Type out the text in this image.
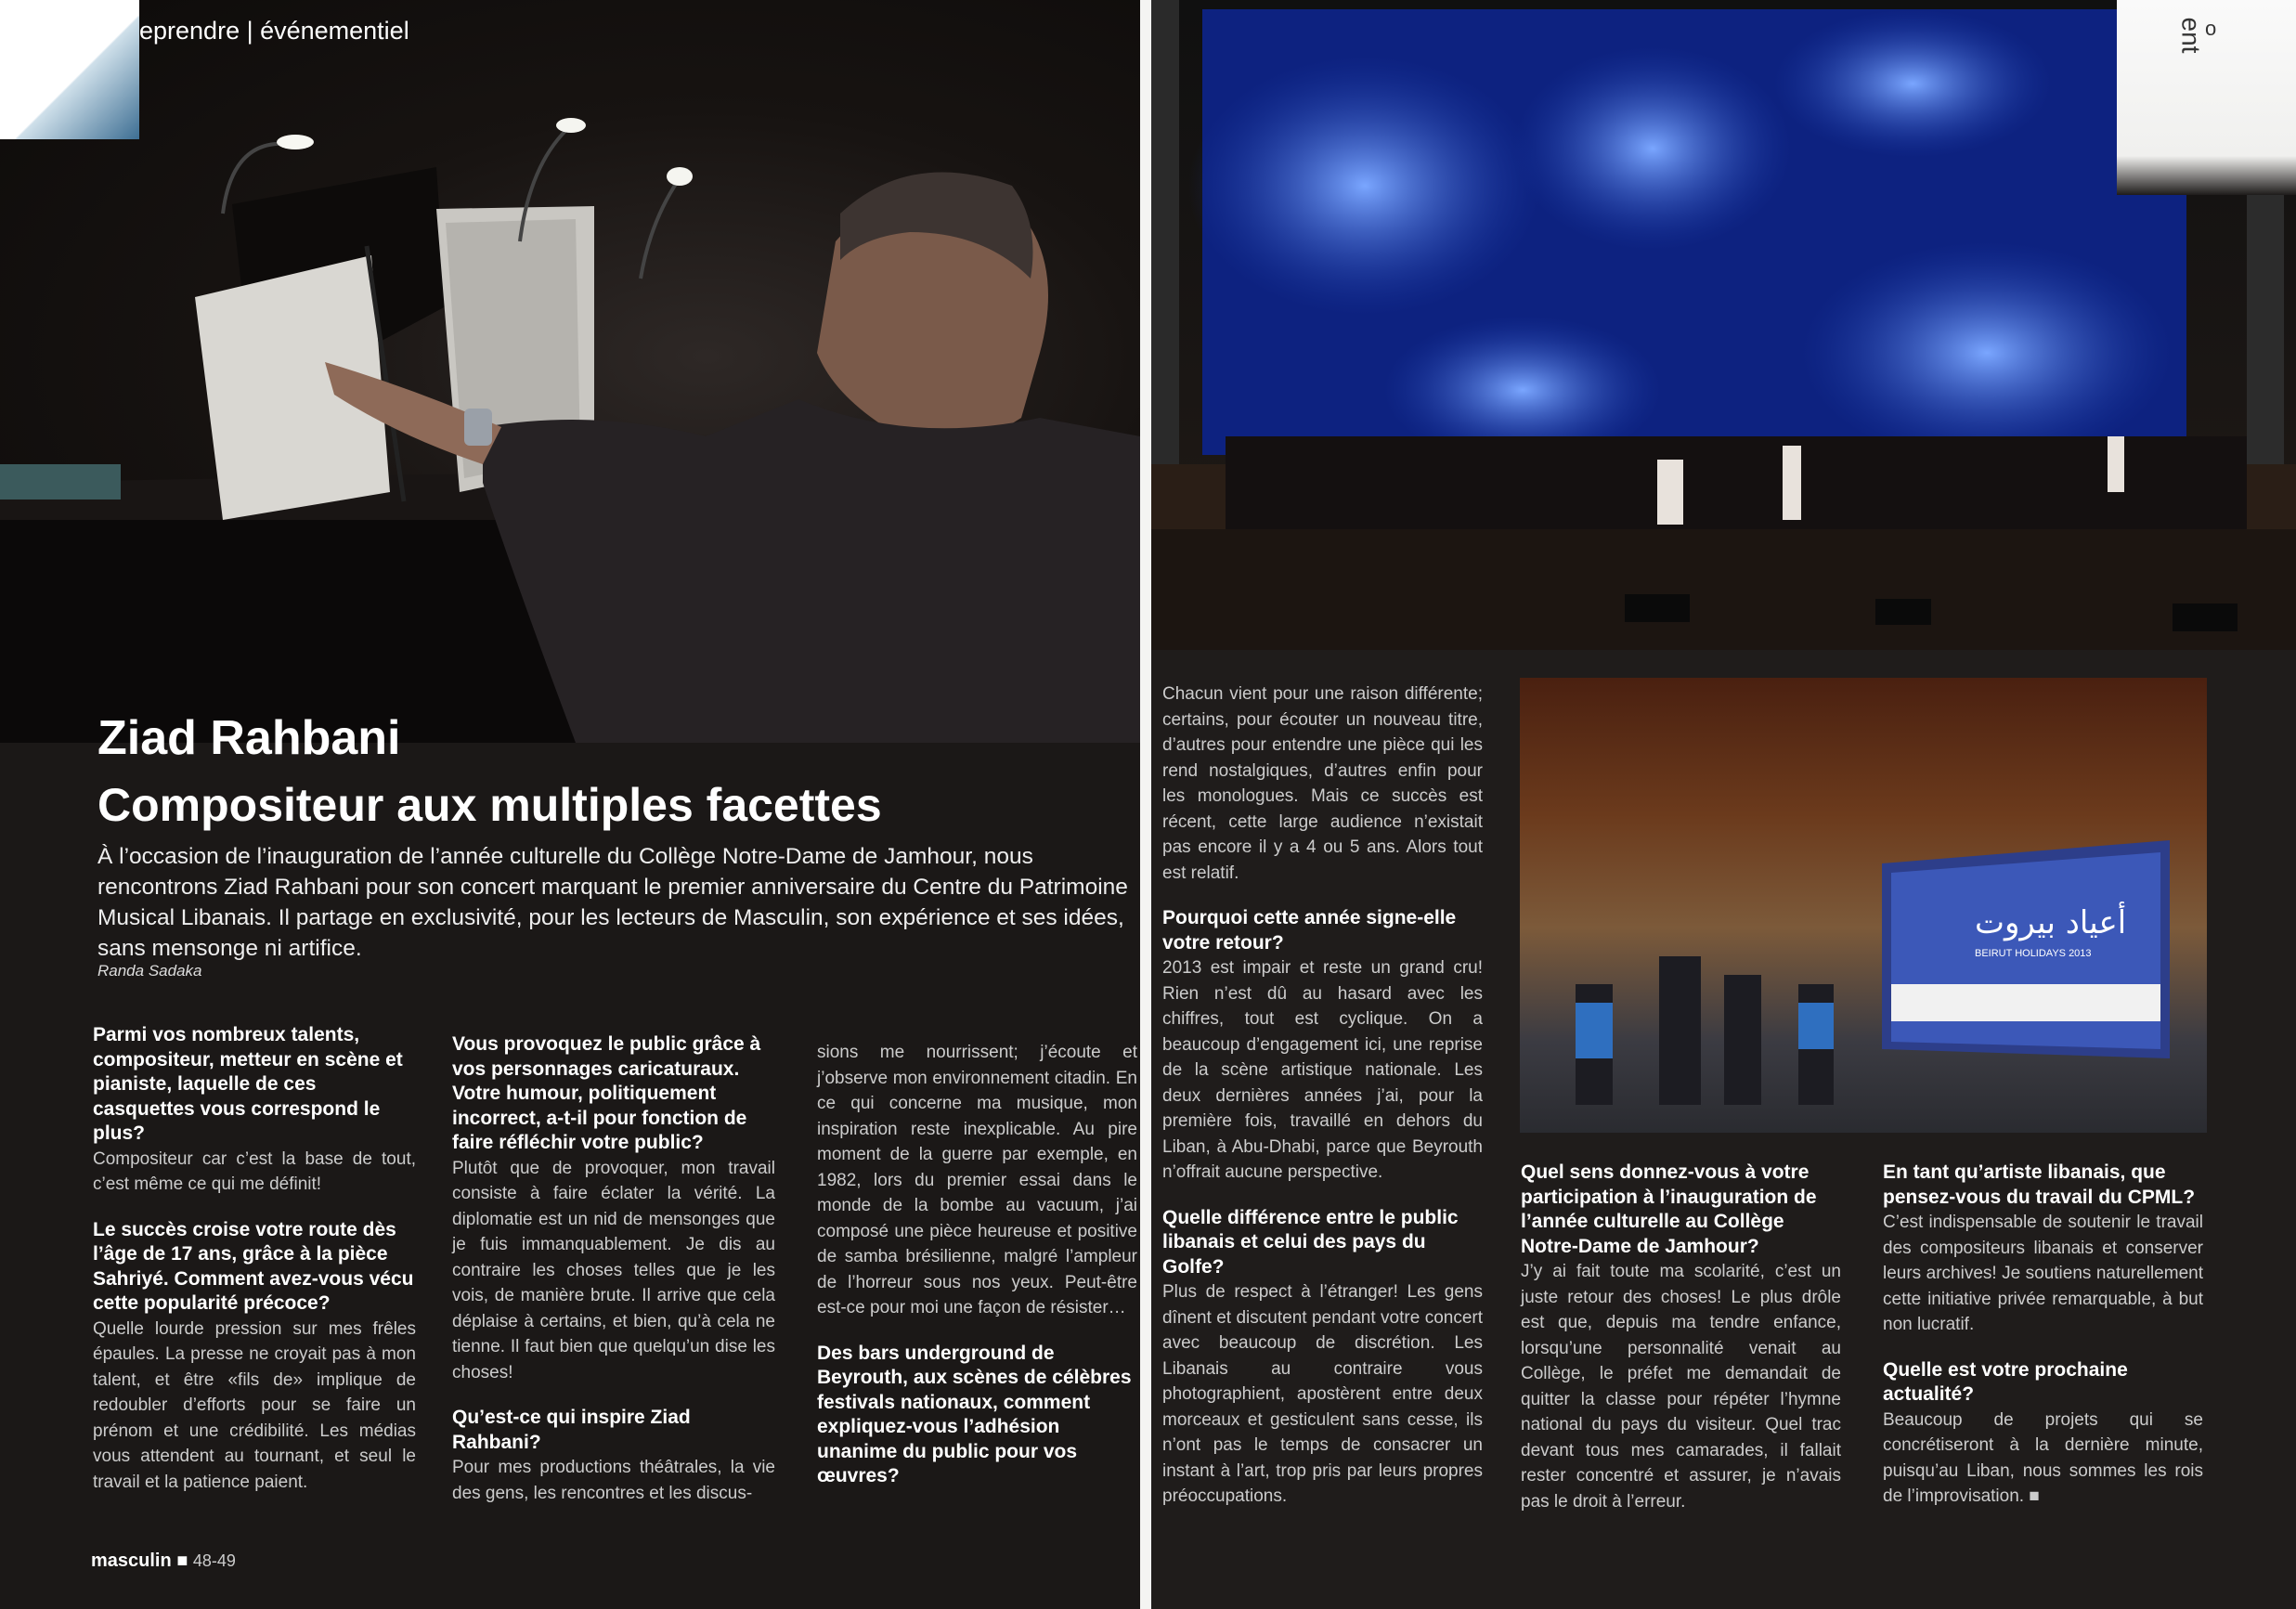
eprendre | événementiel
Ziad Rahbani
Compositeur aux multiples facettes
À l’occasion de l’inauguration de l’année culturelle du Collège Notre-Dame de Jamhour, nous rencontrons Ziad Rahbani pour son concert marquant le premier anniversaire du Centre du Patrimoine Musical Libanais. Il partage en exclusivité, pour les lecteurs de Masculin, son expérience et ses idées, sans mensonge ni artifice.
Randa Sadaka

Parmi vos nombreux talents, compositeur, metteur en scène et pianiste, laquelle de ces casquettes vous correspond le plus?

Compositeur car c’est la base de tout, c’est même ce qui me définit!

Le succès croise votre route dès l’âge de 17 ans, grâce à la pièce Sahriyé. Comment avez-vous vécu cette popularité précoce?

Quelle lourde pression sur mes frêles épaules. La presse ne croyait pas à mon talent, et être «fils de» implique de redoubler d’efforts pour se faire un prénom et une crédibilité. Les médias vous attendent au tournant, et seul le travail et la patience paient.

Vous provoquez le public grâce à vos personnages caricaturaux. Votre humour, politiquement incorrect, a-t-il pour fonction de faire réfléchir votre public?

Plutôt que de provoquer, mon travail consiste à faire éclater la vérité. La diplomatie est un nid de mensonges que je fuis immanquablement. Je dis au contraire les choses telles que je les vois, de manière brute. Il arrive que cela déplaise à certains, et bien, qu’à cela ne tienne. Il faut bien que quelqu’un dise les choses!

Qu’est-ce qui inspire Ziad Rahbani?

Pour mes productions théâtrales, la vie des gens, les rencontres et les discus-

sions me nourrissent; j’écoute et j’observe mon environnement citadin. En ce qui concerne ma musique, mon inspiration reste inexplicable. Au pire moment de la guerre par exemple, en 1982, lors du premier essai dans le monde de la bombe au vacuum, j’ai composé une pièce heureuse et positive de samba brésilienne, malgré l’ampleur de l’horreur sous nos yeux. Peut-être est-ce pour moi une façon de résister…

Des bars underground de Beyrouth, aux scènes de célèbres festivals nationaux, comment expliquez-vous l’adhésion unanime du public pour vos œuvres?

masculin ■ 48-49
ent o
أعياد بيروت
BEIRUT HOLIDAYS 2013

Chacun vient pour une raison différente; certains, pour écouter un nouveau titre, d’autres pour entendre une pièce qui les rend nostalgiques, d’autres enfin pour les monologues. Mais ce succès est récent, cette large audience n’existait pas encore il y a 4 ou 5 ans. Alors tout est relatif.

Pourquoi cette année signe-elle votre retour?

2013 est impair et reste un grand cru! Rien n’est dû au hasard avec les chiffres, tout est cyclique. On a beaucoup d’engagement ici, une reprise de la scène artistique nationale. Les deux dernières années j’ai, pour la première fois, travaillé en dehors du Liban, à Abu-Dhabi, parce que Beyrouth n’offrait aucune perspective.

Quelle différence entre le public libanais et celui des pays du Golfe?

Plus de respect à l’étranger! Les gens dînent et discutent pendant votre concert avec beaucoup de discrétion. Les Libanais au contraire vous photographient, apostèrent entre deux morceaux et gesticulent sans cesse, ils n’ont pas le temps de consacrer un instant à l’art, trop pris par leurs propres préoccupations.

Quel sens donnez-vous à votre participation à l’inauguration de l’année culturelle au Collège Notre-Dame de Jamhour?

J’y ai fait toute ma scolarité, c’est un juste retour des choses! Le plus drôle est que, depuis ma tendre enfance, lorsqu’une personnalité venait au Collège, le préfet me demandait de quitter la classe pour répéter l’hymne national du pays du visiteur. Quel trac devant tous mes camarades, il fallait rester concentré et assurer, je n’avais pas le droit à l’erreur.

En tant qu’artiste libanais, que pensez-vous du travail du CPML?

C’est indispensable de soutenir le travail des compositeurs libanais et conserver leurs archives! Je soutiens naturellement cette initiative privée remarquable, à but non lucratif.

Quelle est votre prochaine actualité?

Beaucoup de projets qui se concrétiseront à la dernière minute, puisqu’au Liban, nous sommes les rois de l’improvisation. ■
